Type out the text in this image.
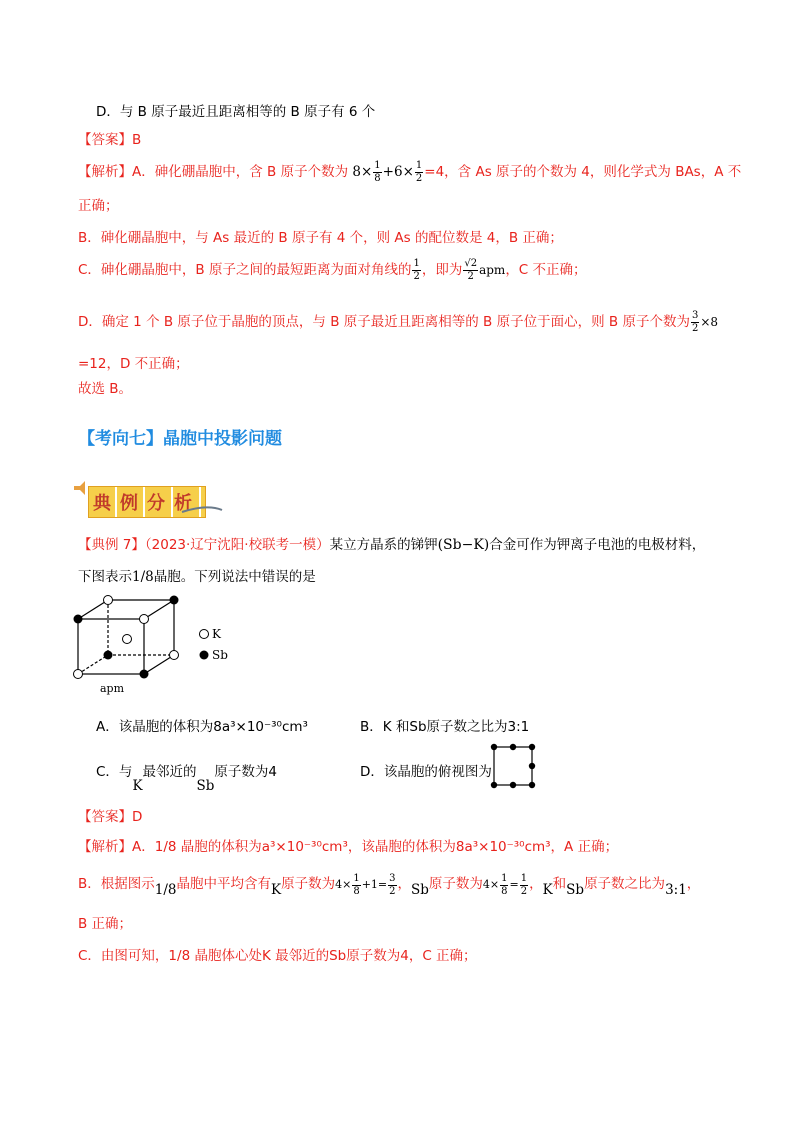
D．与 B 原子最近且距离相等的 B 原子有 6 个
【答案】B
【解析】A．砷化硼晶胞中，含 B 原子个数为 $8\times \frac{1}{8} +6\times \frac{1}{2} =4$，含 As 原子的个数为 4，则化学式为 BAs，A 不
正确；
B．砷化硼晶胞中，与 As 最近的 B 原子有 4 个，则 As 的配位数是 4，B 正确；
C．砷化硼晶胞中，B 原子之间的最短距离为面对角线的 $\frac{1}{2}$ ，即为 $\frac{√2}{2}$ apm，C 不正确；
D．确定 1 个 B 原子位于晶胞的顶点，与 B 原子最近且距离相等的 B 原子位于面心，则 B 原子个数为 $\frac{3}{2} \times 8$
=12，D 不正确；
故选 B。
【考向七】晶胞中投影问题
典例分析
【典例 7】（2023·辽宁沈阳·校联考一模）某立方晶系的锑钾(Sb−K)合金可作为钾离子电池的电极材料，
下图表示1/8晶胞。下列说法中错误的是
K
Sb
apm
A．该晶胞的体积为8a³×10⁻³⁰cm³	B．K 和Sb原子数之比为3:1
C．与K最邻近的Sb原子数为4	D．该晶胞的俯视图为
【答案】D
【解析】A．1/8 晶胞的体积为a³×10⁻³⁰cm³，该晶胞的体积为8a³×10⁻³⁰cm³，A 正确；
B．根据图示1/8晶胞中平均含有K原子数为$4\times \frac{1}{8} +1= \frac{3}{2}$ ，Sb原子数为$4\times \frac{1}{8} = \frac{1}{2}$ ，K和Sb原子数之比为3:1，
B 正确；
C．由图可知，1/8 晶胞体心处K 最邻近的Sb原子数为4，C 正确；
